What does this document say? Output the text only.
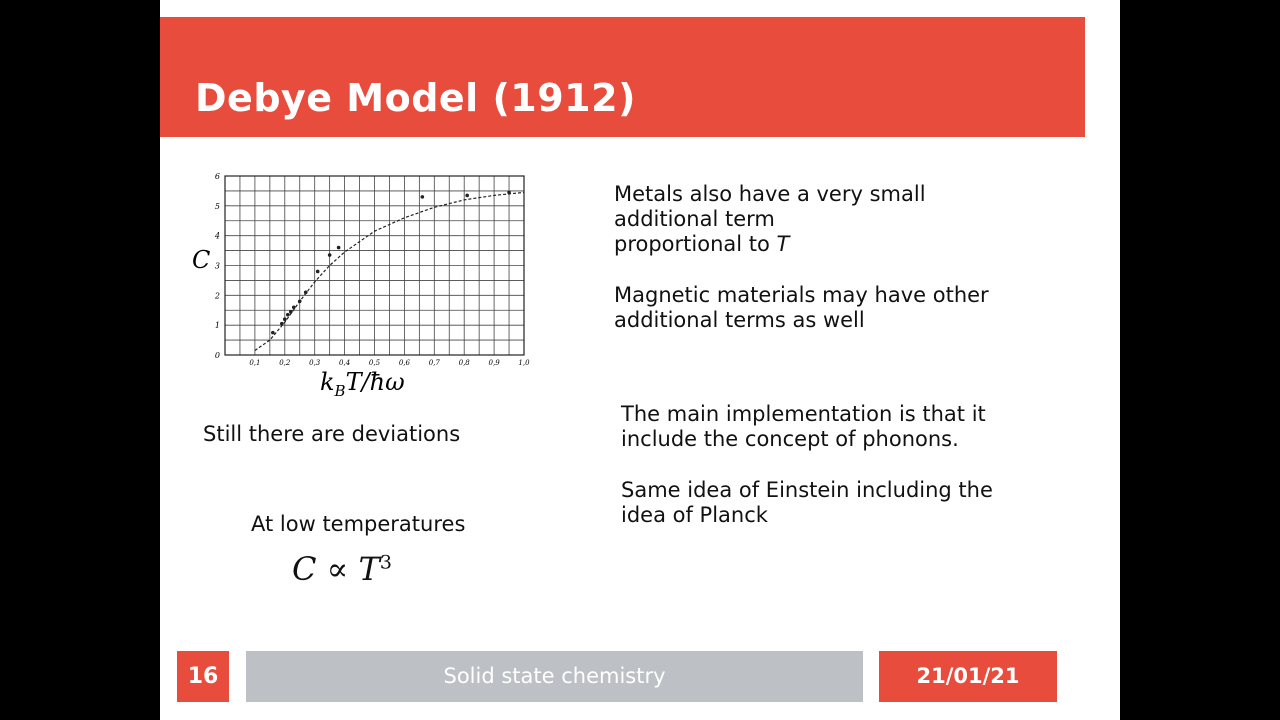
Debye Model (1912)
0,1	0,2	0,3	0,4	0,5	0,6	0,7	0,8	0,9	1,0
0
1
2
3
4
5
6
C
$k_BT/ħ\omega$
Still there are deviations
At low temperatures
$C \propto T^3$
Metals also have a very small
additional term
proportional to T
Magnetic materials may have other
additional terms as well
The main implementation is that it
include the concept of phonons.
Same idea of Einstein including the
idea of Planck
16	Solid state chemistry	21/01/21
